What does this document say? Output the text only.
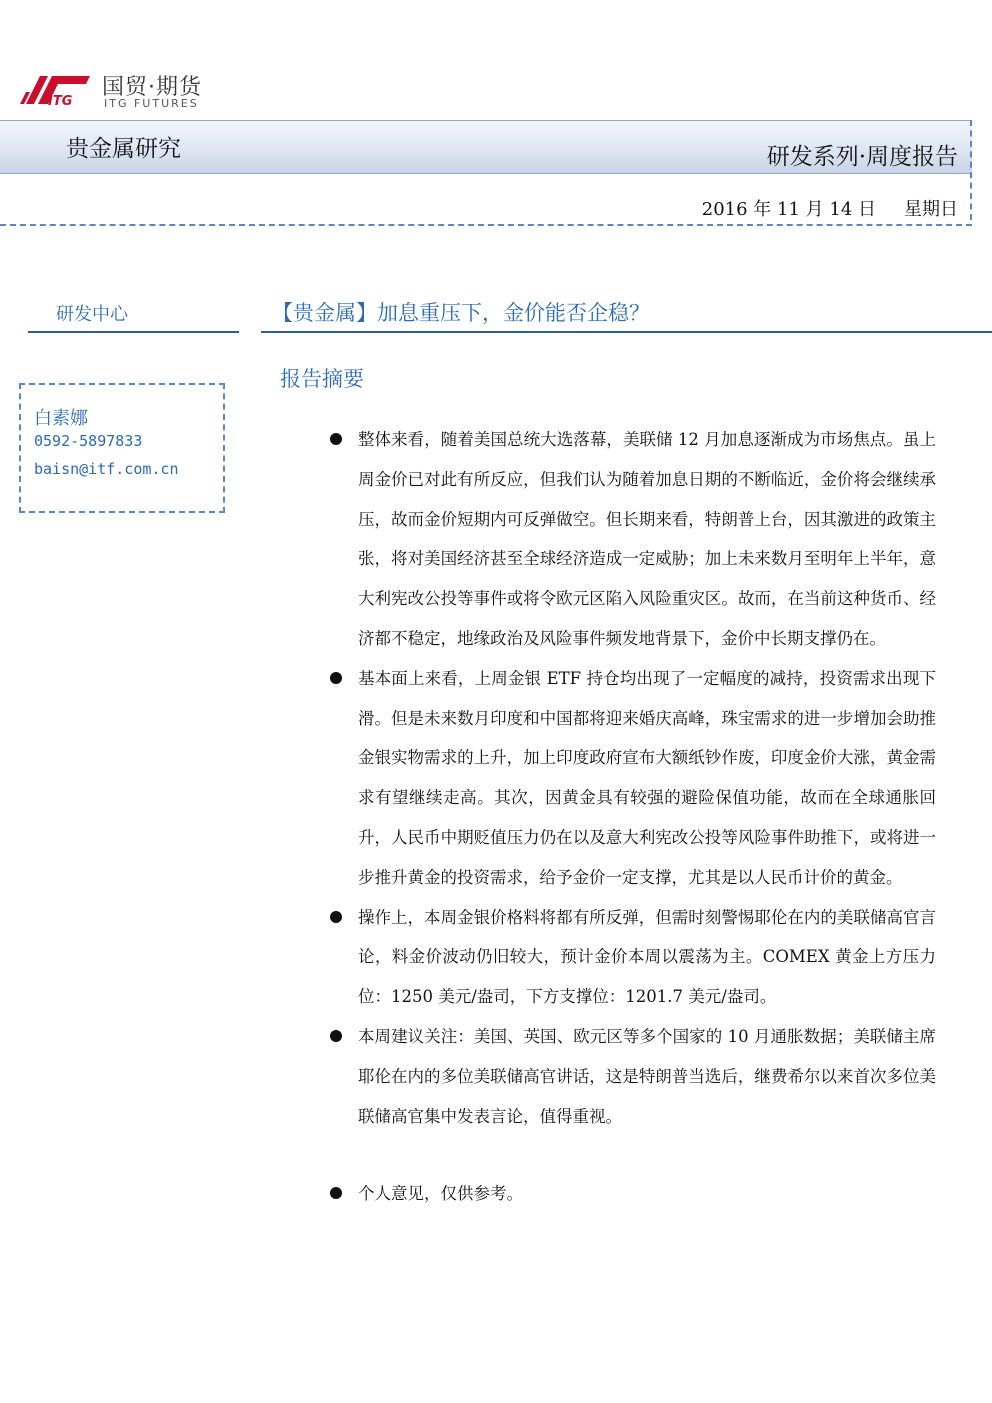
ITG
国贸·期货
ITG FUTURES
贵金属研究	研发系列·周度报告
2016 年 11 月 14 日 星期日
研发中心
白素娜
0592-5897833
baisn@itf.com.cn
【贵金属】加息重压下，金价能否企稳？
报告摘要
整体来看，随着美国总统大选落幕，美联储 12 月加息逐渐成为市场焦点。虽上周金价已对此有所反应，但我们认为随着加息日期的不断临近，金价将会继续承压，故而金价短期内可反弹做空。但长期来看，特朗普上台，因其激进的政策主张，将对美国经济甚至全球经济造成一定威胁；加上未来数月至明年上半年，意大利宪改公投等事件或将令欧元区陷入风险重灾区。故而，在当前这种货币、经济都不稳定，地缘政治及风险事件频发地背景下，金价中长期支撑仍在。
基本面上来看，上周金银 ETF 持仓均出现了一定幅度的减持，投资需求出现下滑。但是未来数月印度和中国都将迎来婚庆高峰，珠宝需求的进一步增加会助推金银实物需求的上升，加上印度政府宣布大额纸钞作废，印度金价大涨，黄金需求有望继续走高。其次，因黄金具有较强的避险保值功能，故而在全球通胀回升，人民币中期贬值压力仍在以及意大利宪改公投等风险事件助推下，或将进一步推升黄金的投资需求，给予金价一定支撑，尤其是以人民币计价的黄金。
操作上，本周金银价格料将都有所反弹，但需时刻警惕耶伦在内的美联储高官言论，料金价波动仍旧较大，预计金价本周以震荡为主。COMEX 黄金上方压力位：1250 美元/盎司，下方支撑位：1201.7 美元/盎司。
本周建议关注：美国、英国、欧元区等多个国家的 10 月通胀数据；美联储主席耶伦在内的多位美联储高官讲话，这是特朗普当选后，继费希尔以来首次多位美联储高官集中发表言论，值得重视。
个人意见，仅供参考。
